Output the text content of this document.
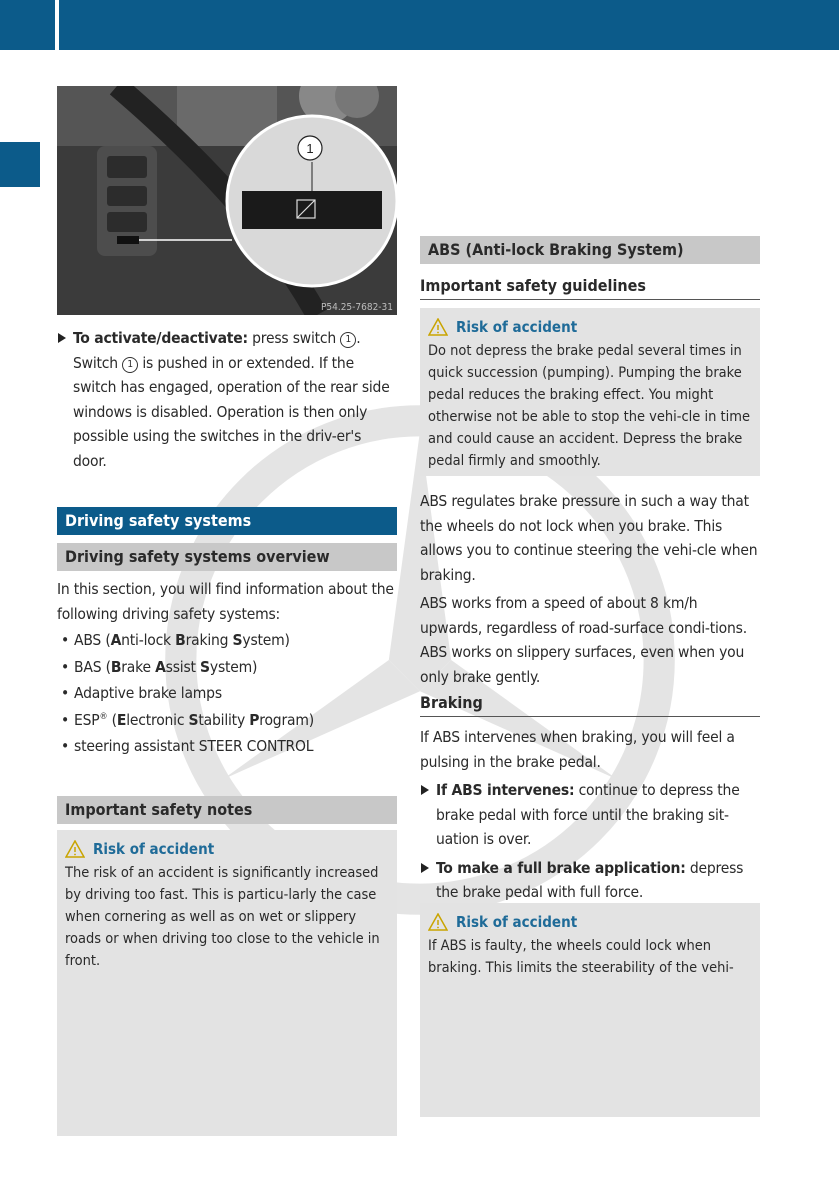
1
P54.25-7682-31
To activate/deactivate: press switch 1 . Switch 1 is pushed in or extended. If the switch has engaged, operation of the rear side windows is disabled. Operation is then only possible using the switches in the driv-er's door.
Driving safety systems
Driving safety systems overview
In this section, you will find information about the following driving safety systems:
• ABS (Anti-lock Braking System)
• BAS (Brake Assist System)
• Adaptive brake lamps
• ESP® (Electronic Stability Program)
• steering assistant STEER CONTROL
Important safety notes
Risk of accident
The risk of an accident is significantly increased by driving too fast. This is particu-larly the case when cornering as well as on wet or slippery roads or when driving too close to the vehicle in front.
ABS (Anti-lock Braking System)
Important safety guidelines
Risk of accident
Do not depress the brake pedal several times in quick succession (pumping). Pumping the brake pedal reduces the braking effect. You might otherwise not be able to stop the vehi-cle in time and could cause an accident. Depress the brake pedal firmly and smoothly.
ABS regulates brake pressure in such a way that the wheels do not lock when you brake. This allows you to continue steering the vehi-cle when braking.
ABS works from a speed of about 8 km/h upwards, regardless of road-surface condi-tions. ABS works on slippery surfaces, even when you only brake gently.
Braking
If ABS intervenes when braking, you will feel a pulsing in the brake pedal.
If ABS intervenes: continue to depress the brake pedal with force until the braking sit-uation is over.
To make a full brake application: depress the brake pedal with full force.
Risk of accident
If ABS is faulty, the wheels could lock when braking. This limits the steerability of the vehi-
